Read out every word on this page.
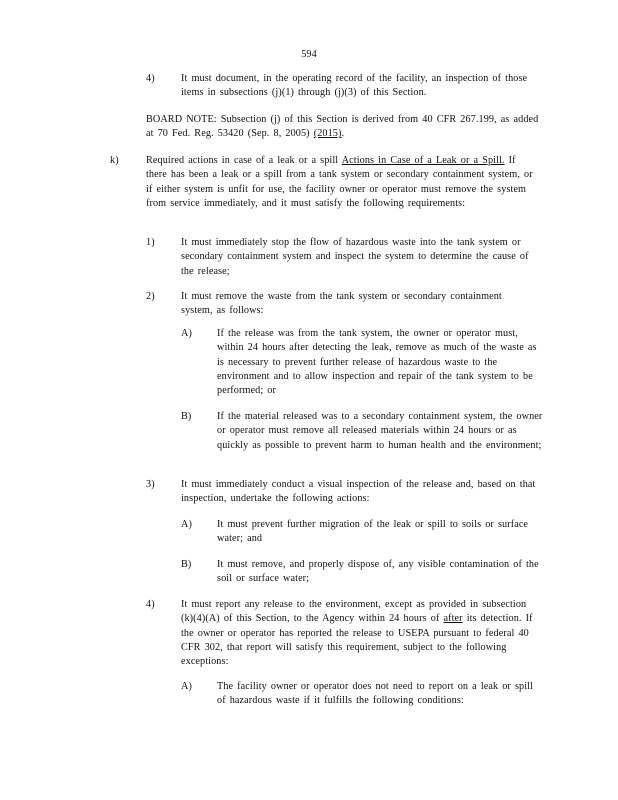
594
4)	It must document, in the operating record of the facility, an inspection of those items in subsections (j)(1) through (j)(3) of this Section.

BOARD NOTE: Subsection (j) of this Section is derived from 40 CFR 267.199, as added at 70 Fed. Reg. 53420 (Sep. 8, 2005) (2015).

k)	Required actions in case of a leak or a spill Actions in Case of a Leak or a Spill. If there has been a leak or a spill from a tank system or secondary containment system, or if either system is unfit for use, the facility owner or operator must remove the system from service immediately, and it must satisfy the following requirements:

1)	It must immediately stop the flow of hazardous waste into the tank system or secondary containment system and inspect the system to determine the cause of the release;

2)	It must remove the waste from the tank system or secondary containment system, as follows:

A) If the release was from the tank system, the owner or operator must, within 24 hours after detecting the leak, remove as much of the waste as is necessary to prevent further release of hazardous waste to the environment and to allow inspection and repair of the tank system to be performed; or

B)	If the material released was to a secondary containment system, the owner or operator must remove all released materials within 24 hours or as quickly as possible to prevent harm to human health and the environment;

3)	It must immediately conduct a visual inspection of the release and, based on that inspection, undertake the following actions:

A) It must prevent further migration of the leak or spill to soils or surface water; and

B)	It must remove, and properly dispose of, any visible contamination of the soil or surface water;

4)	It must report any release to the environment, except as provided in subsection (k)(4)(A) of this Section, to the Agency within 24 hours of after its detection. If the owner or operator has reported the release to USEPA pursuant to federal 40 CFR 302, that report will satisfy this requirement, subject to the following exceptions:

A) The facility owner or operator does not need to report on a leak or spill of hazardous waste if it fulfills the following conditions:
